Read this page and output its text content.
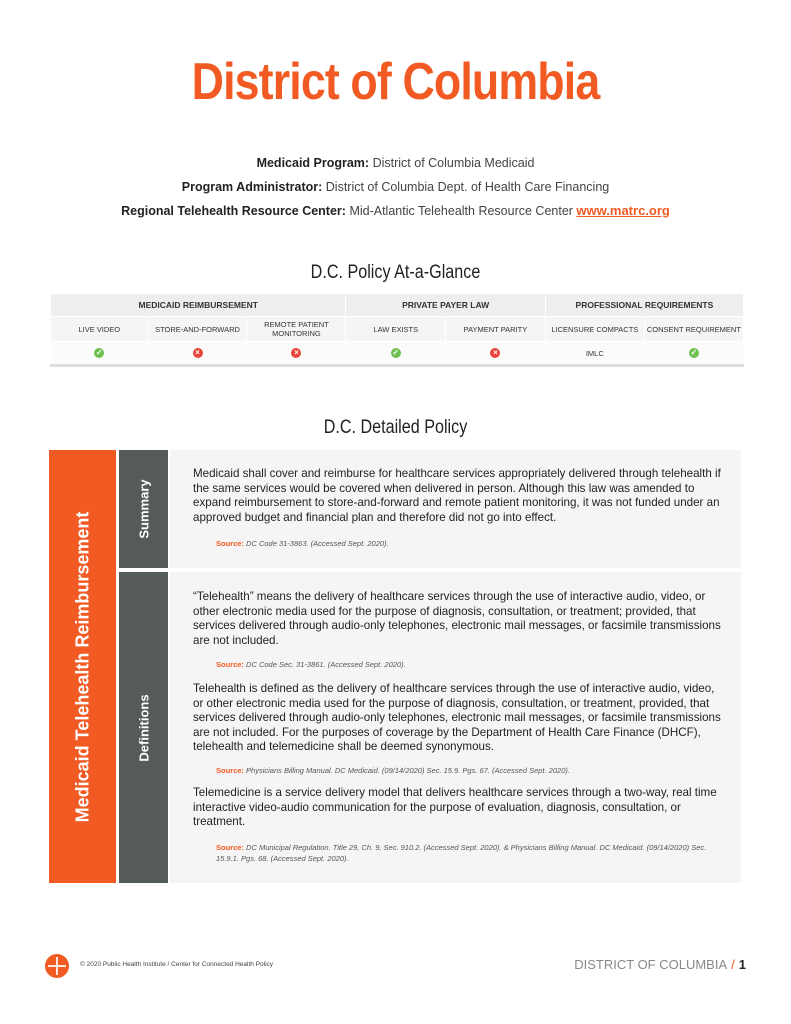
District of Columbia
Medicaid Program: District of Columbia Medicaid
Program Administrator: District of Columbia Dept. of Health Care Financing
Regional Telehealth Resource Center: Mid-Atlantic Telehealth Resource Center www.matrc.org
D.C. Policy At-a-Glance
MEDICAID REIMBURSEMENT			PRIVATE PAYER LAW		PROFESSIONAL REQUIREMENTS	
LIVE VIDEO	STORE-AND-FORWARD	REMOTE PATIENT MONITORING	LAW EXISTS	PAYMENT PARITY	LICENSURE COMPACTS	CONSENT REQUIREMENT
✓	×	×	✓	×	IMLC	✓
D.C. Detailed Policy
Medicaid Telehealth Reimbursement
Summary
Definitions
Medicaid shall cover and reimburse for healthcare services appropriately delivered through telehealth if the same services would be covered when delivered in person. Although this law was amended to expand reimbursement to store-and-forward and remote patient monitoring, it was not funded under an approved budget and financial plan and therefore did not go into effect.
Source: DC Code 31-3863. (Accessed Sept. 2020).
“Telehealth” means the delivery of healthcare services through the use of interactive audio, video, or other electronic media used for the purpose of diagnosis, consultation, or treatment; provided, that services delivered through audio-only telephones, electronic mail messages, or facsimile transmissions are not included.
Source: DC Code Sec. 31-3861. (Accessed Sept. 2020).
Telehealth is defined as the delivery of healthcare services through the use of interactive audio, video, or other electronic media used for the purpose of diagnosis, consultation, or treatment, provided, that services delivered through audio-only telephones, electronic mail messages, or facsimile transmissions are not included. For the purposes of coverage by the Department of Health Care Finance (DHCF), telehealth and telemedicine shall be deemed synonymous.
Source: Physicians Billing Manual. DC Medicaid. (09/14/2020) Sec. 15.9. Pgs. 67. (Accessed Sept. 2020).
Telemedicine is a service delivery model that delivers healthcare services through a two-way, real time interactive video-audio communication for the purpose of evaluation, diagnosis, consultation, or treatment.
Source: DC Municipal Regulation. Title 29, Ch. 9, Sec. 910.2. (Accessed Sept. 2020). & Physicians Billing Manual. DC Medicaid. (09/14/2020) Sec. 15.9.1. Pgs. 68. (Accessed Sept. 2020).
© 2020 Public Health Institute / Center for Connected Health Policy	DISTRICT OF COLUMBIA / 1
